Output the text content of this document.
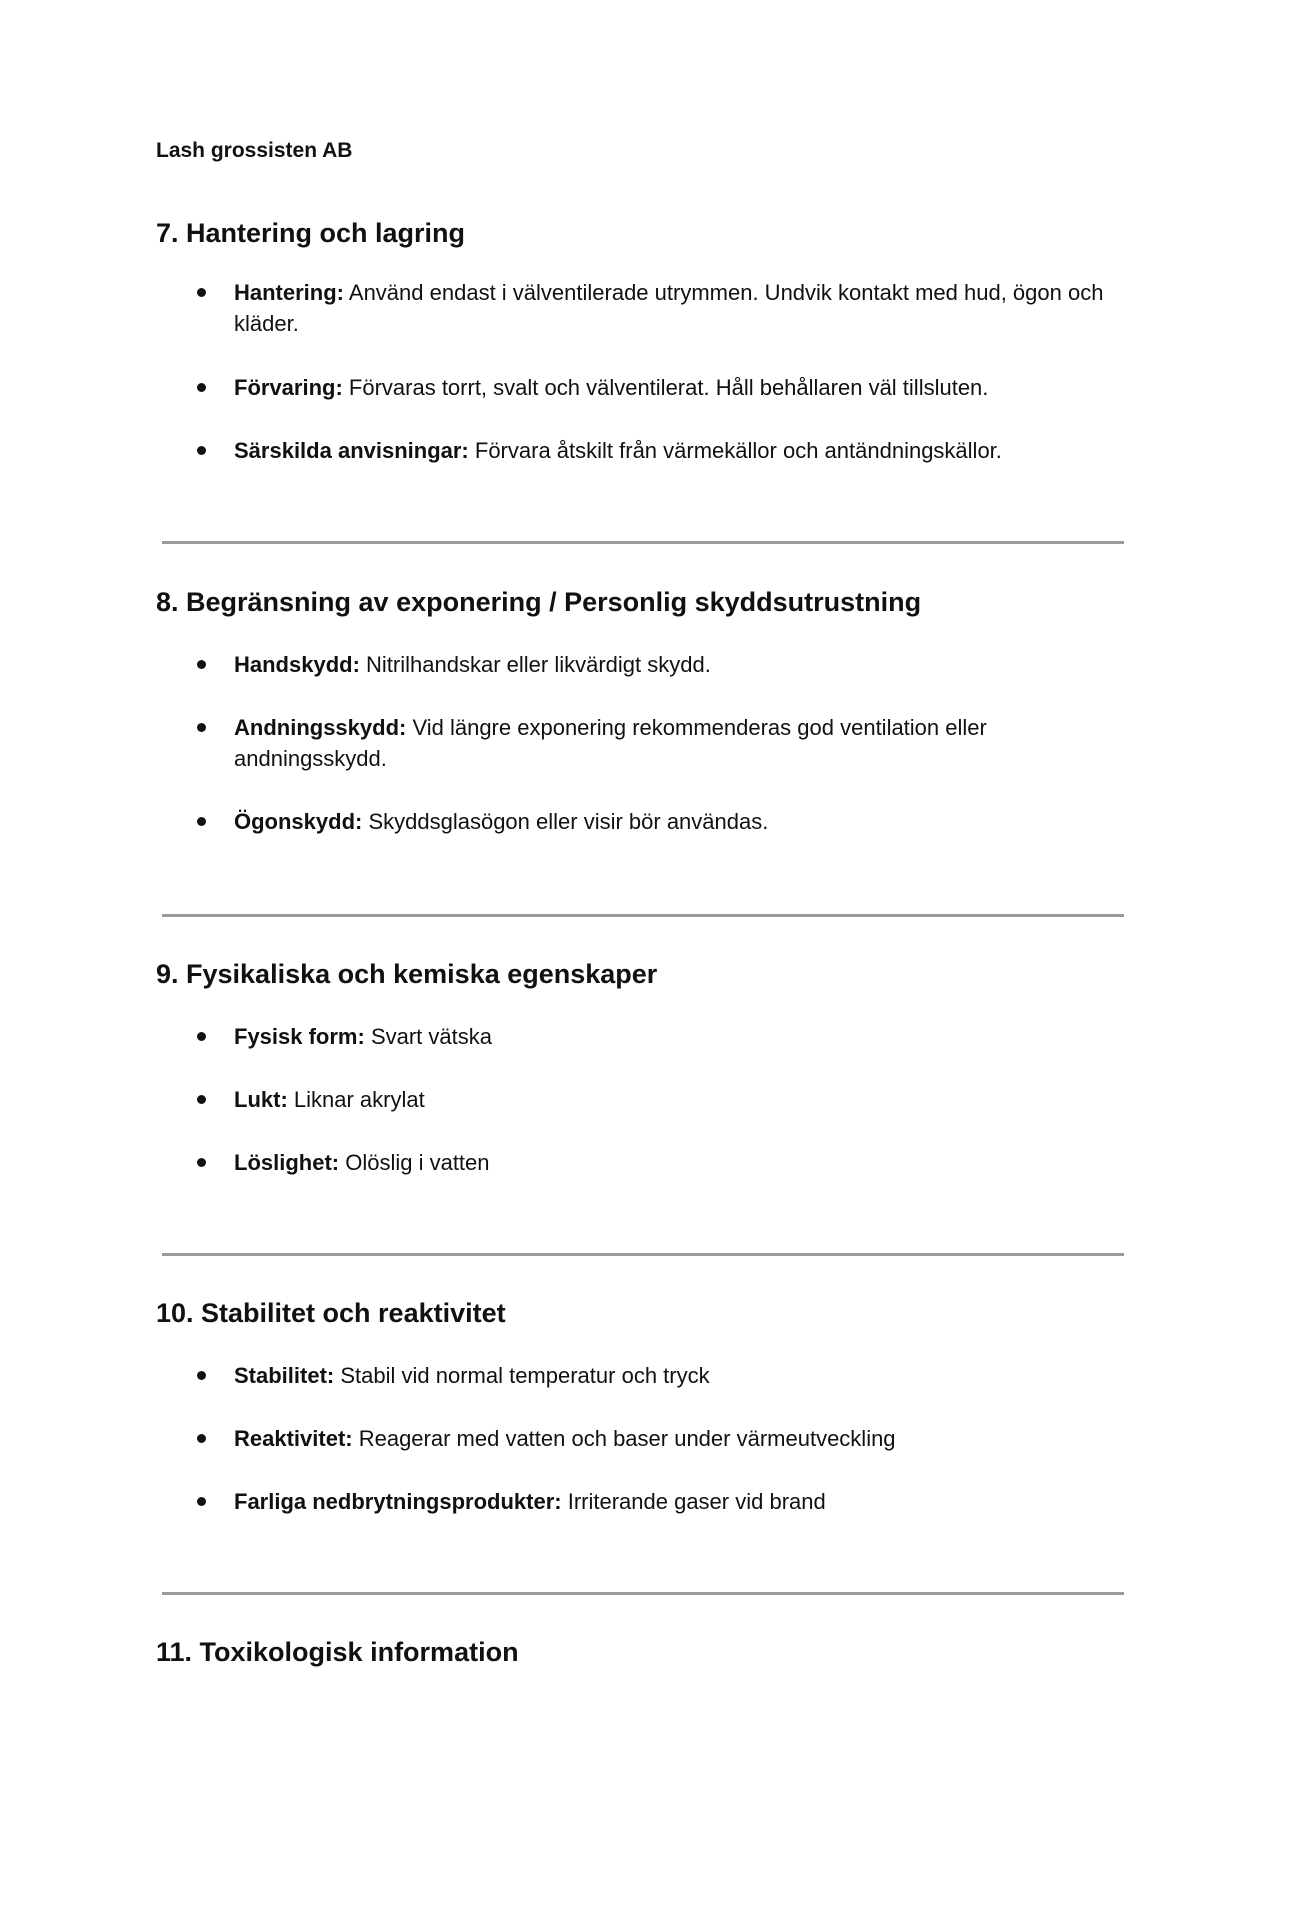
Lash grossisten AB
7. Hantering och lagring
Hantering: Använd endast i välventilerade utrymmen. Undvik kontakt med hud, ögon och kläder.
Förvaring: Förvaras torrt, svalt och välventilerat. Håll behållaren väl tillsluten.
Särskilda anvisningar: Förvara åtskilt från värmekällor och antändningskällor.
8. Begränsning av exponering / Personlig skyddsutrustning
Handskydd: Nitrilhandskar eller likvärdigt skydd.
Andningsskydd: Vid längre exponering rekommenderas god ventilation eller andningsskydd.
Ögonskydd: Skyddsglasögon eller visir bör användas.
9. Fysikaliska och kemiska egenskaper
Fysisk form: Svart vätska
Lukt: Liknar akrylat
Löslighet: Olöslig i vatten
10. Stabilitet och reaktivitet
Stabilitet: Stabil vid normal temperatur och tryck
Reaktivitet: Reagerar med vatten och baser under värmeutveckling
Farliga nedbrytningsprodukter: Irriterande gaser vid brand
11. Toxikologisk information
